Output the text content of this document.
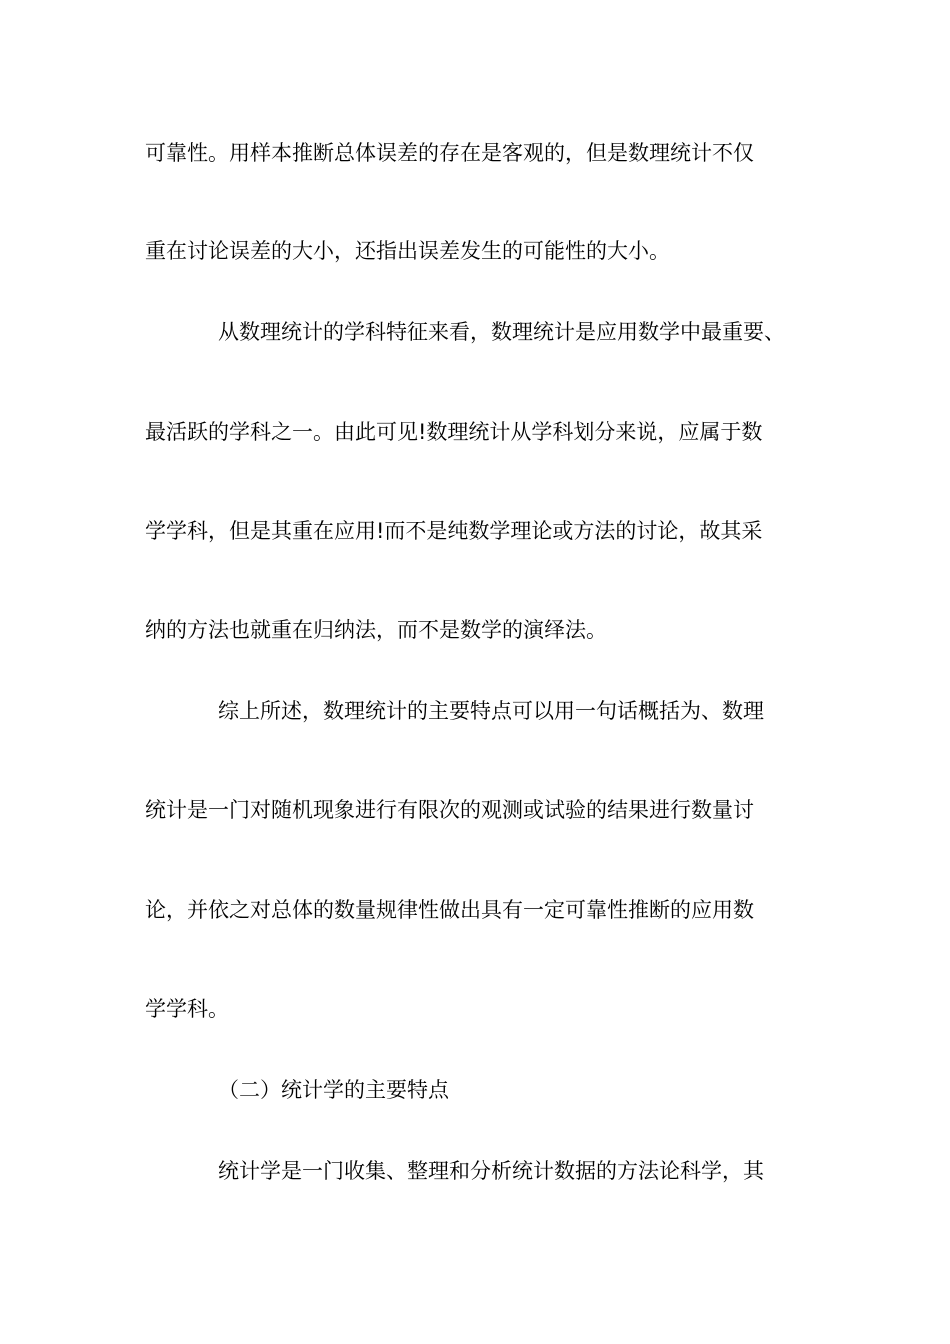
可靠性。用样本推断总体误差的存在是客观的，但是数理统计不仅
重在讨论误差的大小，还指出误差发生的可能性的大小。
从数理统计的学科特征来看，数理统计是应用数学中最重要、
最活跃的学科之一。由此可见!数理统计从学科划分来说，应属于数
学学科，但是其重在应用!而不是纯数学理论或方法的讨论，故其采
纳的方法也就重在归纳法，而不是数学的演绎法。
综上所述，数理统计的主要特点可以用一句话概括为、数理
统计是一门对随机现象进行有限次的观测或试验的结果进行数量讨
论，并依之对总体的数量规律性做出具有一定可靠性推断的应用数
学学科。
（二）统计学的主要特点
统计学是一门收集、整理和分析统计数据的方法论科学，其
